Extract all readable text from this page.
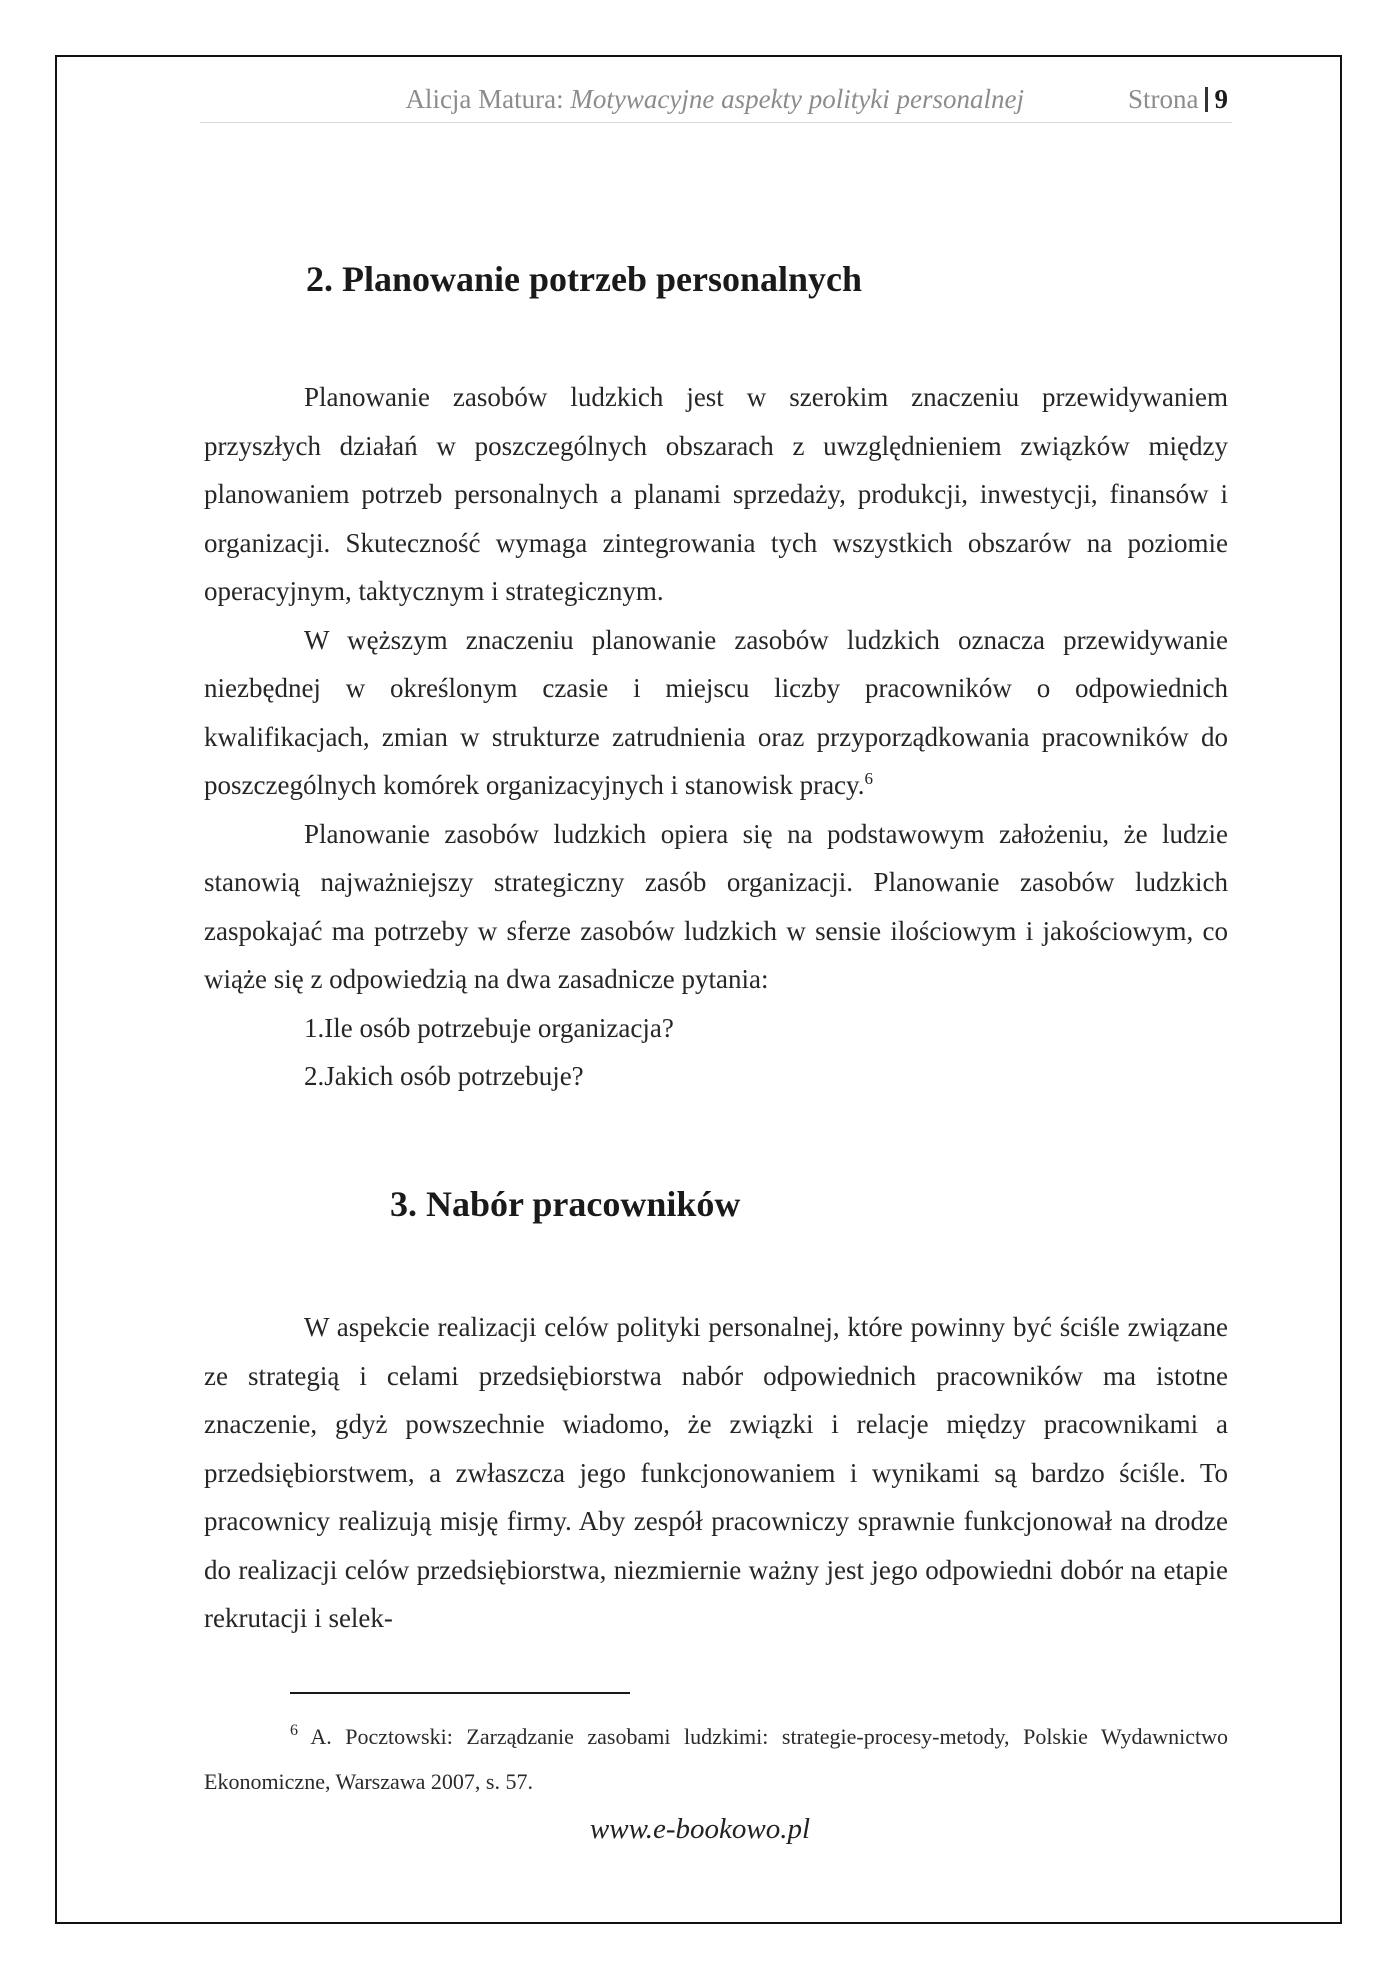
Alicja Matura: Motywacyjne aspekty polityki personalnej	Strona 9
2. Planowanie potrzeb personalnych

Planowanie zasobów ludzkich jest w szerokim znaczeniu przewidywaniem przyszłych działań w poszczególnych obszarach z uwzględnieniem związków między planowaniem potrzeb personalnych a planami sprzedaży, produkcji, inwestycji, finansów i organizacji. Skuteczność wymaga zintegrowania tych wszystkich obszarów na poziomie operacyjnym, taktycznym i strategicznym.

W węższym znaczeniu planowanie zasobów ludzkich oznacza przewidywanie niezbędnej w określonym czasie i miejscu liczby pracowników o odpowiednich kwalifikacjach, zmian w strukturze zatrudnienia oraz przyporządkowania pracowników do poszczególnych komórek organizacyjnych i stanowisk pracy.$^6$

Planowanie zasobów ludzkich opiera się na podstawowym założeniu, że ludzie stanowią najważniejszy strategiczny zasób organizacji. Planowanie zasobów ludzkich zaspokajać ma potrzeby w sferze zasobów ludzkich w sensie ilościowym i jakościowym, co wiąże się z odpowiedzią na dwa zasadnicze pytania:

1.Ile osób potrzebuje organizacja?

2.Jakich osób potrzebuje?

3. Nabór pracowników

W aspekcie realizacji celów polityki personalnej, które powinny być ściśle związane ze strategią i celami przedsiębiorstwa nabór odpowiednich pracowników ma istotne znaczenie, gdyż powszechnie wiadomo, że związki i relacje między pracownikami a przedsiębiorstwem, a zwłaszcza jego funkcjonowaniem i wynikami są bardzo ściśle. To pracownicy realizują misję firmy. Aby zespół pracowniczy sprawnie funkcjonował na drodze do realizacji celów przedsiębiorstwa, niezmiernie ważny jest jego odpowiedni dobór na etapie rekrutacji i selek-

$^6$ A. Pocztowski: Zarządzanie zasobami ludzkimi: strategie-procesy-metody, Polskie Wydawnictwo Ekonomiczne, Warszawa 2007, s. 57.

www.e-bookowo.pl
